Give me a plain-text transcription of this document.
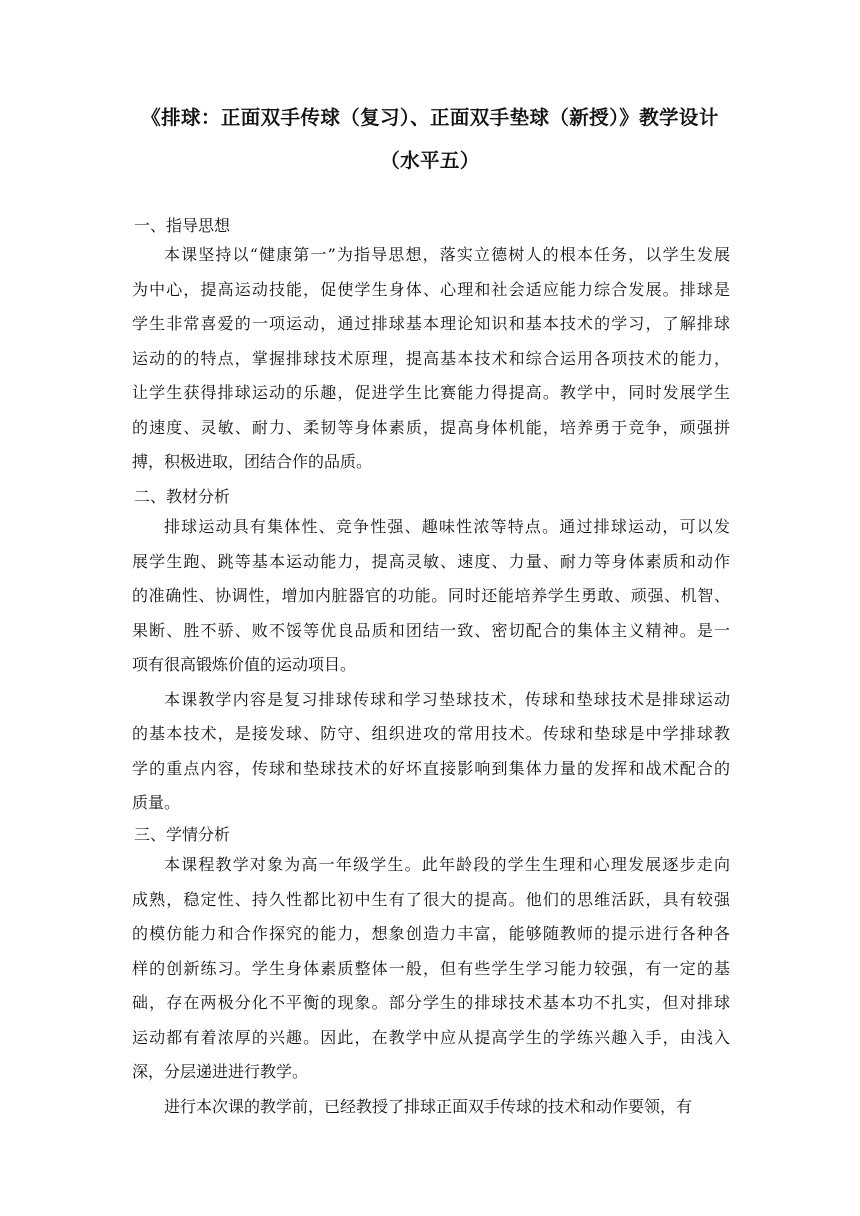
《排球：正面双手传球（复习）、正面双手垫球（新授）》教学设计
（水平五）
一、指导思想
本课坚持以“健康第一”为指导思想，落实立德树人的根本任务，以学生发展
为中心，提高运动技能，促使学生身体、心理和社会适应能力综合发展。排球是
学生非常喜爱的一项运动，通过排球基本理论知识和基本技术的学习，了解排球
运动的的特点，掌握排球技术原理，提高基本技术和综合运用各项技术的能力，
让学生获得排球运动的乐趣，促进学生比赛能力得提高。教学中，同时发展学生
的速度、灵敏、耐力、柔韧等身体素质，提高身体机能，培养勇于竞争，顽强拼
搏，积极进取，团结合作的品质。
二、教材分析
排球运动具有集体性、竞争性强、趣味性浓等特点。通过排球运动，可以发
展学生跑、跳等基本运动能力，提高灵敏、速度、力量、耐力等身体素质和动作
的准确性、协调性，增加内脏器官的功能。同时还能培养学生勇敢、顽强、机智、
果断、胜不骄、败不馁等优良品质和团结一致、密切配合的集体主义精神。是一
项有很高锻炼价值的运动项目。
本课教学内容是复习排球传球和学习垫球技术，传球和垫球技术是排球运动
的基本技术，是接发球、防守、组织进攻的常用技术。传球和垫球是中学排球教
学的重点内容，传球和垫球技术的好坏直接影响到集体力量的发挥和战术配合的
质量。
三、学情分析
本课程教学对象为高一年级学生。此年龄段的学生生理和心理发展逐步走向
成熟，稳定性、持久性都比初中生有了很大的提高。他们的思维活跃，具有较强
的模仿能力和合作探究的能力，想象创造力丰富，能够随教师的提示进行各种各
样的创新练习。学生身体素质整体一般，但有些学生学习能力较强，有一定的基
础，存在两极分化不平衡的现象。部分学生的排球技术基本功不扎实，但对排球
运动都有着浓厚的兴趣。因此，在教学中应从提高学生的学练兴趣入手，由浅入
深，分层递进进行教学。
进行本次课的教学前，已经教授了排球正面双手传球的技术和动作要领，有
